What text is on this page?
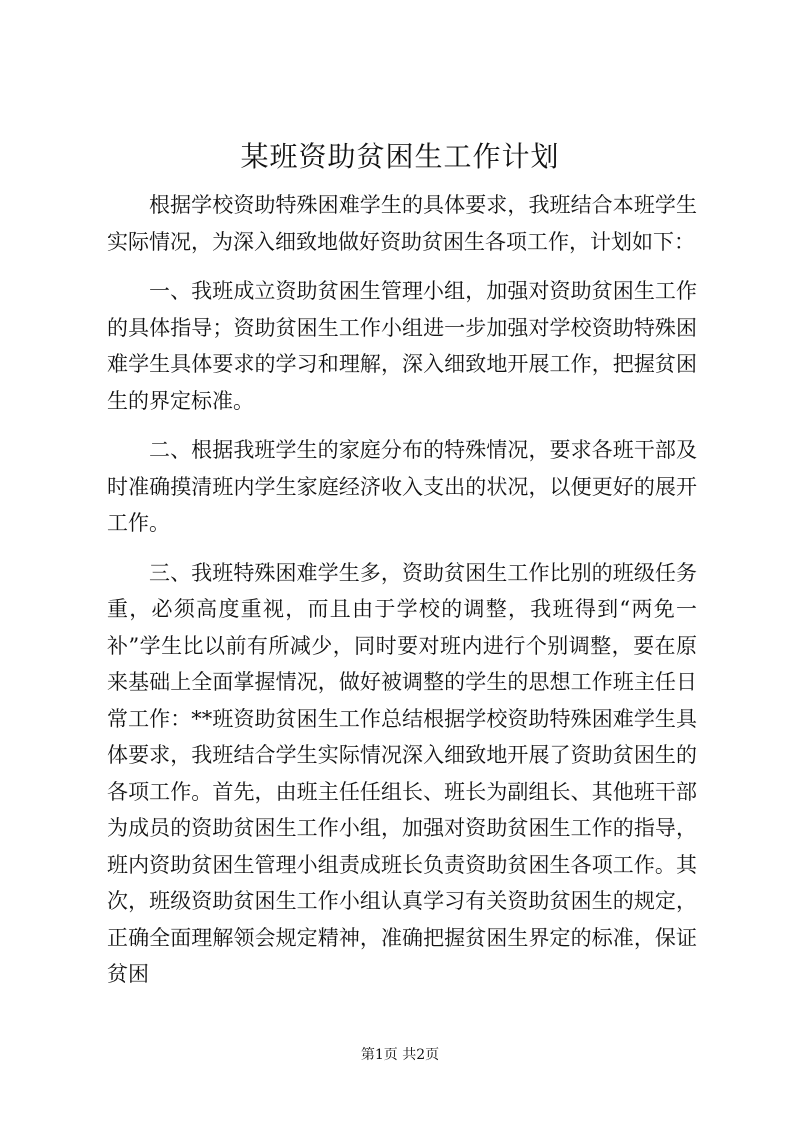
某班资助贫困生工作计划

根据学校资助特殊困难学生的具体要求，我班结合本班学生实际情况，为深入细致地做好资助贫困生各项工作，计划如下：

一、我班成立资助贫困生管理小组，加强对资助贫困生工作的具体指导；资助贫困生工作小组进一步加强对学校资助特殊困难学生具体要求的学习和理解，深入细致地开展工作，把握贫困生的界定标准。

二、根据我班学生的家庭分布的特殊情况，要求各班干部及时准确摸清班内学生家庭经济收入支出的状况，以便更好的展开工作。

三、我班特殊困难学生多，资助贫困生工作比别的班级任务重，必须高度重视，而且由于学校的调整，我班得到“两免一补”学生比以前有所减少，同时要对班内进行个别调整，要在原来基础上全面掌握情况，做好被调整的学生的思想工作班主任日常工作：**班资助贫困生工作总结根据学校资助特殊困难学生具体要求，我班结合学生实际情况深入细致地开展了资助贫困生的各项工作。首先，由班主任任组长、班长为副组长、其他班干部为成员的资助贫困生工作小组，加强对资助贫困生工作的指导，班内资助贫困生管理小组责成班长负责资助贫困生各项工作。其次，班级资助贫困生工作小组认真学习有关资助贫困生的规定，正确全面理解领会规定精神，准确把握贫困生界定的标准，保证贫困

第1页 共2页
